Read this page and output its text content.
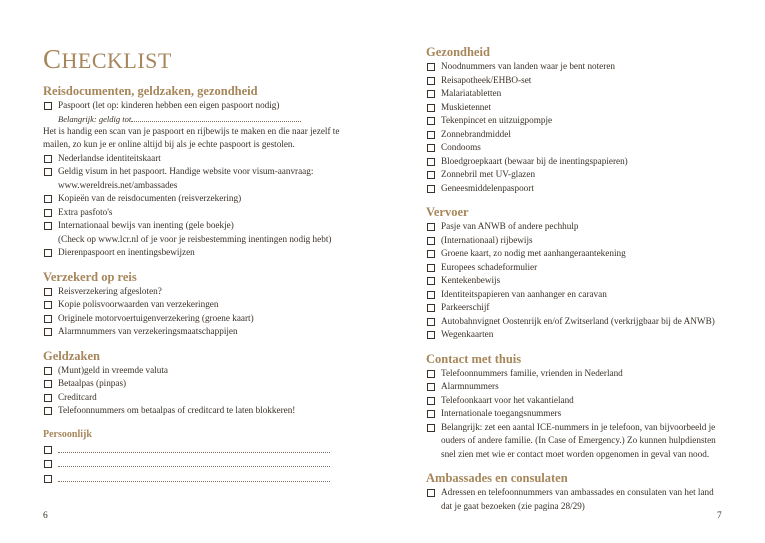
CHECKLIST
Reisdocumenten, geldzaken, gezondheid
Paspoort (let op: kinderen hebben een eigen paspoort nodig)
Belangrijk: geldig tot
Het is handig een scan van je paspoort en rijbewijs te maken en die naar jezelf te mailen, zo kun je er online altijd bij als je echte paspoort is gestolen.
Nederlandse identiteitskaart
Geldig visum in het paspoort. Handige website voor visum-aanvraag:
www.wereldreis.net/ambassades
Kopieën van de reisdocumenten (reisverzekering)
Extra pasfoto's
Internationaal bewijs van inenting (gele boekje)
(Check op www.lcr.nl of je voor je reisbestemming inentingen nodig hebt)
Dierenpaspoort en inentingsbewijzen
Verzekerd op reis
Reisverzekering afgesloten?
Kopie polisvoorwaarden van verzekeringen
Originele motorvoertuigenverzekering (groene kaart)
Alarmnummers van verzekeringsmaatschappijen
Geldzaken
(Munt)geld in vreemde valuta
Betaalpas (pinpas)
Creditcard
Telefoonnummers om betaalpas of creditcard te laten blokkeren!
Persoonlijk
6
Gezondheid
Noodnummers van landen waar je bent noteren
Reisapotheek/EHBO-set
Malariatabletten
Muskietennet
Tekenpincet en uitzuigpompje
Zonnebrandmiddel
Condooms
Bloedgroepkaart (bewaar bij de inentingspapieren)
Zonnebril met UV-glazen
Geneesmiddelenpaspoort
Vervoer
Pasje van ANWB of andere pechhulp
(Internationaal) rijbewijs
Groene kaart, zo nodig met aanhangeraantekening
Europees schadeformulier
Kentekenbewijs
Identiteitspapieren van aanhanger en caravan
Parkeerschijf
Autobahnvignet Oostenrijk en/of Zwitserland (verkrijgbaar bij de ANWB)
Wegenkaarten
Contact met thuis
Telefoonnummers familie, vrienden in Nederland
Alarmnummers
Telefoonkaart voor het vakantieland
Internationale toegangsnummers
Belangrijk: zet een aantal ICE-nummers in je telefoon, van bijvoorbeeld je ouders of andere familie. (In Case of Emergency.) Zo kunnen hulpdiensten snel zien met wie er contact moet worden opgenomen in geval van nood.
Ambassades en consulaten
Adressen en telefoonnummers van ambassades en consulaten van het land dat je gaat bezoeken (zie pagina 28/29)
7
